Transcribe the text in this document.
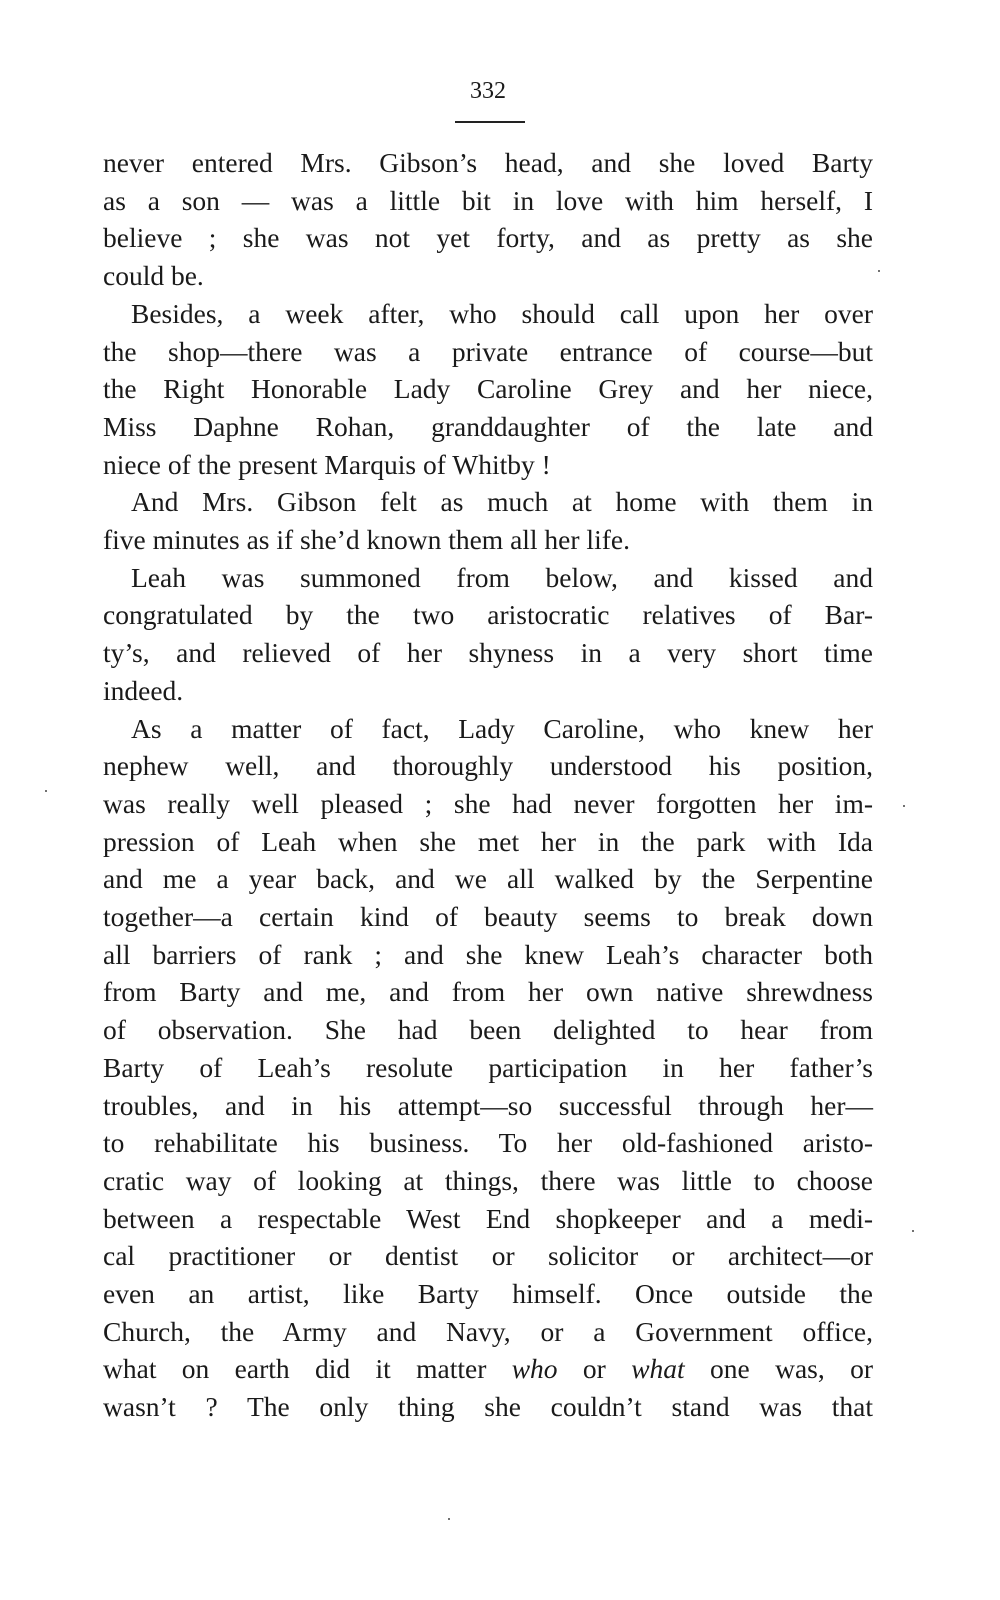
332
never entered Mrs. Gibson’s head, and she loved Barty
as a son — was a little bit in love with him herself, I
believe ; she was not yet forty, and as pretty as she
could be.
Besides, a week after, who should call upon her over
the shop—there was a private entrance of course—but
the Right Honorable Lady Caroline Grey and her niece,
Miss Daphne Rohan, granddaughter of the late and
niece of the present Marquis of Whitby !
And Mrs. Gibson felt as much at home with them in
five minutes as if she’d known them all her life.
Leah was summoned from below, and kissed and
congratulated by the two aristocratic relatives of Bar-
ty’s, and relieved of her shyness in a very short time
indeed.
As a matter of fact, Lady Caroline, who knew her
nephew well, and thoroughly understood his position,
was really well pleased ; she had never forgotten her im-
pression of Leah when she met her in the park with Ida
and me a year back, and we all walked by the Serpentine
together—a certain kind of beauty seems to break down
all barriers of rank ; and she knew Leah’s character both
from Barty and me, and from her own native shrewdness
of observation. She had been delighted to hear from
Barty of Leah’s resolute participation in her father’s
troubles, and in his attempt—so successful through her—
to rehabilitate his business. To her old-fashioned aristo-
cratic way of looking at things, there was little to choose
between a respectable West End shopkeeper and a medi-
cal practitioner or dentist or solicitor or architect—or
even an artist, like Barty himself. Once outside the
Church, the Army and Navy, or a Government office,
what on earth did it matter who or what one was, or
wasn’t ? The only thing she couldn’t stand was that
